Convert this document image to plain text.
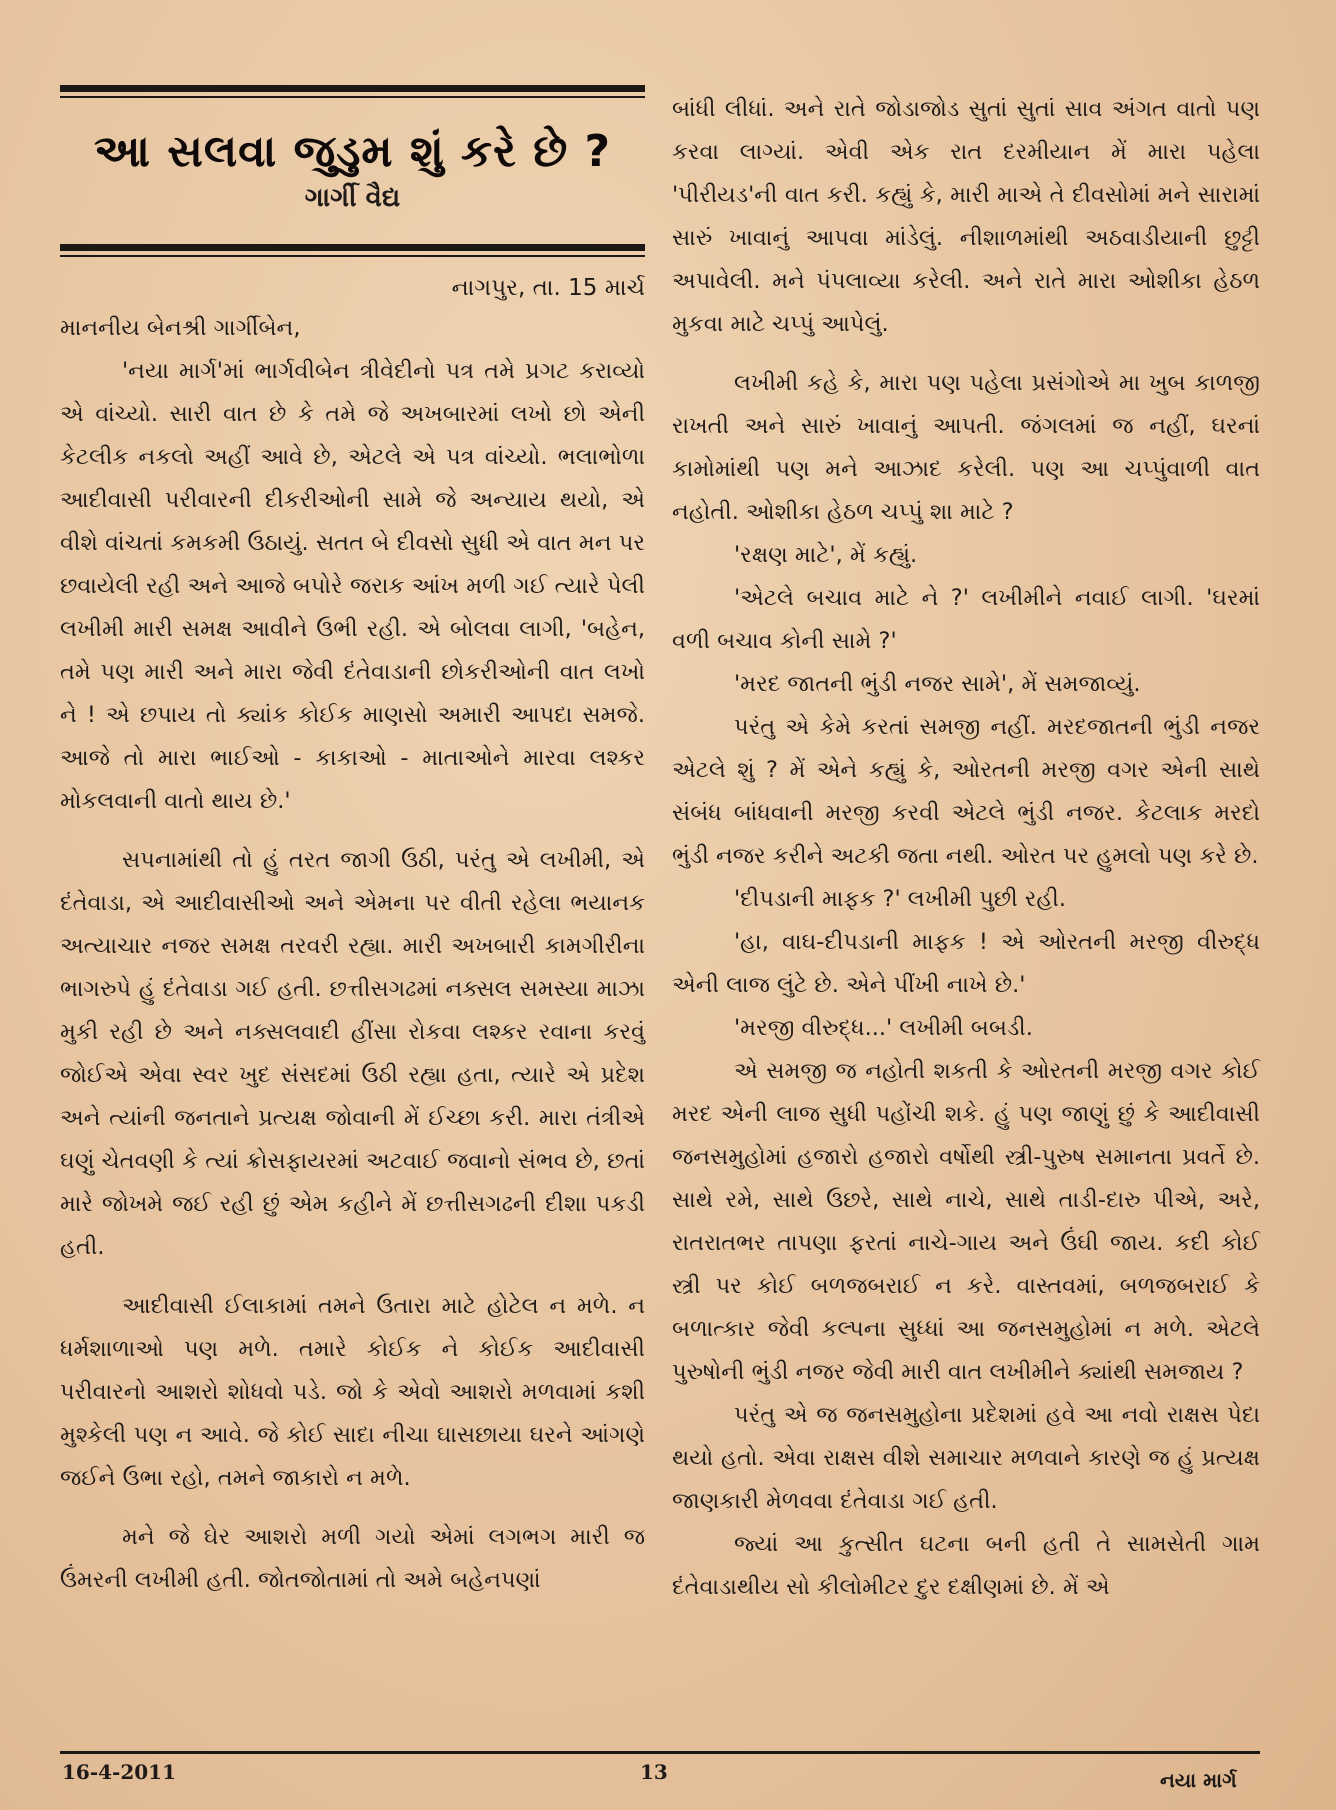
આ સલવા જુડુમ શું કરે છે ?
ગાર્ગી વૈદ્ય
નાગપુર, તા. 15 માર્ચ

માનનીય બેનશ્રી ગાર્ગીબેન,

'નયા માર્ગ'માં ભાર્ગવીબેન ત્રીવેદીનો પત્ર તમે પ્રગટ કરાવ્યો એ વાંચ્યો. સારી વાત છે કે તમે જે અખબારમાં લખો છો એની કેટલીક નકલો અહીં આવે છે, એટલે એ પત્ર વાંચ્યો. ભલાભોળા આદીવાસી પરીવારની દીકરીઓની સામે જે અન્યાય થયો, એ વીશે વાંચતાં કમકમી ઉઠાયું. સતત બે દીવસો સુધી એ વાત મન પર છવાયેલી રહી અને આજે બપોરે જરાક આંખ મળી ગઈ ત્યારે પેલી લખીમી મારી સમક્ષ આવીને ઉભી રહી. એ બોલવા લાગી, 'બહેન, તમે પણ મારી અને મારા જેવી દંતેવાડાની છોકરીઓની વાત લખો ને ! એ છપાય તો ક્યાંક કોઈક માણસો અમારી આપદા સમજે. આજે તો મારા ભાઈઓ - કાકાઓ - માતાઓને મારવા લશ્કર મોકલવાની વાતો થાય છે.'

સપનામાંથી તો હું તરત જાગી ઉઠી, પરંતુ એ લખીમી, એ દંતેવાડા, એ આદીવાસીઓ અને એમના પર વીતી રહેલા ભયાનક અત્યાચાર નજર સમક્ષ તરવરી રહ્યા. મારી અખબારી કામગીરીના ભાગરુપે હું દંતેવાડા ગઈ હતી. છત્તીસગઢમાં નક્સલ સમસ્યા માઝા મુકી રહી છે અને નક્સલવાદી હીંસા રોકવા લશ્કર રવાના કરવું જોઈએ એવા સ્વર ખુદ સંસદમાં ઉઠી રહ્યા હતા, ત્યારે એ પ્રદેશ અને ત્યાંની જનતાને પ્રત્યક્ષ જોવાની મેં ઈચ્છા કરી. મારા તંત્રીએ ઘણું ચેતવણી કે ત્યાં ક્રોસફાયરમાં અટવાઈ જવાનો સંભવ છે, છતાં મારે જોખમે જઈ રહી છું એમ કહીને મેં છત્તીસગઢની દીશા પકડી હતી.

આદીવાસી ઈલાકામાં તમને ઉતારા માટે હોટેલ ન મળે. ન ધર્મશાળાઓ પણ મળે. તમારે કોઈક ને કોઈક આદીવાસી પરીવારનો આશરો શોધવો પડે. જો કે એવો આશરો મળવામાં કશી મુશ્કેલી પણ ન આવે. જે કોઈ સાદા નીચા ઘાસછાયા ઘરને આંગણે જઈને ઉભા રહો, તમને જાકારો ન મળે.

મને જે ઘેર આશરો મળી ગયો એમાં લગભગ મારી જ ઉંમરની લખીમી હતી. જોતજોતામાં તો અમે બહેનપણાં

બાંધી લીધાં. અને રાતે જોડાજોડ સુતાં સુતાં સાવ અંગત વાતો પણ કરવા લાગ્યાં. એવી એક રાત દરમીયાન મેં મારા પહેલા 'પીરીયડ'ની વાત કરી. કહ્યું કે, મારી માએ તે દીવસોમાં મને સારામાં સારું ખાવાનું આપવા માંડેલું. નીશાળમાંથી અઠવાડીયાની છુટ્ટી અપાવેલી. મને પંપલાવ્યા કરેલી. અને રાતે મારા ઓશીકા હેઠળ મુકવા માટે ચપ્પું આપેલું.

લખીમી કહે કે, મારા પણ પહેલા પ્રસંગોએ મા ખુબ કાળજી રાખતી અને સારું ખાવાનું આપતી. જંગલમાં જ નહીં, ઘરનાં કામોમાંથી પણ મને આઝાદ કરેલી. પણ આ ચપ્પુંવાળી વાત નહોતી. ઓશીકા હેઠળ ચપ્પું શા માટે ?

'રક્ષણ માટે', મેં કહ્યું.

'એટલે બચાવ માટે ને ?' લખીમીને નવાઈ લાગી. 'ઘરમાં વળી બચાવ કોની સામે ?'

'મરદ જાતની ભુંડી નજર સામે', મેં સમજાવ્યું.

પરંતુ એ કેમે કરતાં સમજી નહીં. મરદજાતની ભુંડી નજર એટલે શું ? મેં એને કહ્યું કે, ઓરતની મરજી વગર એની સાથે સંબંધ બાંધવાની મરજી કરવી એટલે ભુંડી નજર. કેટલાક મરદો ભુંડી નજર કરીને અટકી જતા નથી. ઓરત પર હુમલો પણ કરે છે.

'દીપડાની માફક ?' લખીમી પુછી રહી.

'હા, વાઘ-દીપડાની માફક ! એ ઓરતની મરજી વીરુદ્ધ એની લાજ લુંટે છે. એને પીંખી નાખે છે.'

'મરજી વીરુદ્ધ...' લખીમી બબડી.

એ સમજી જ નહોતી શકતી કે ઓરતની મરજી વગર કોઈ મરદ એની લાજ સુધી પહોંચી શકે. હું પણ જાણું છું કે આદીવાસી જનસમુહોમાં હજારો હજારો વર્ષોથી સ્ત્રી-પુરુષ સમાનતા પ્રવર્તે છે. સાથે રમે, સાથે ઉછરે, સાથે નાચે, સાથે તાડી-દારુ પીએ, અરે, રાતરાતભર તાપણા ફરતાં નાચે-ગાય અને ઉંઘી જાય. કદી કોઈ સ્ત્રી પર કોઈ બળજબરાઈ ન કરે. વાસ્તવમાં, બળજબરાઈ કે બળાત્કાર જેવી કલ્પના સુધ્ધાં આ જનસમુહોમાં ન મળે. એટલે પુરુષોની ભુંડી નજર જેવી મારી વાત લખીમીને ક્યાંથી સમજાય ?

પરંતુ એ જ જનસમુહોના પ્રદેશમાં હવે આ નવો રાક્ષસ પેદા થયો હતો. એવા રાક્ષસ વીશે સમાચાર મળવાને કારણે જ હું પ્રત્યક્ષ જાણકારી મેળવવા દંતેવાડા ગઈ હતી.

જ્યાં આ કુત્સીત ઘટના બની હતી તે સામસેતી ગામ દંતેવાડાથીય સો કીલોમીટર દુર દક્ષીણમાં છે. મેં એ

16-4-2011	13	નયા માર્ગ
